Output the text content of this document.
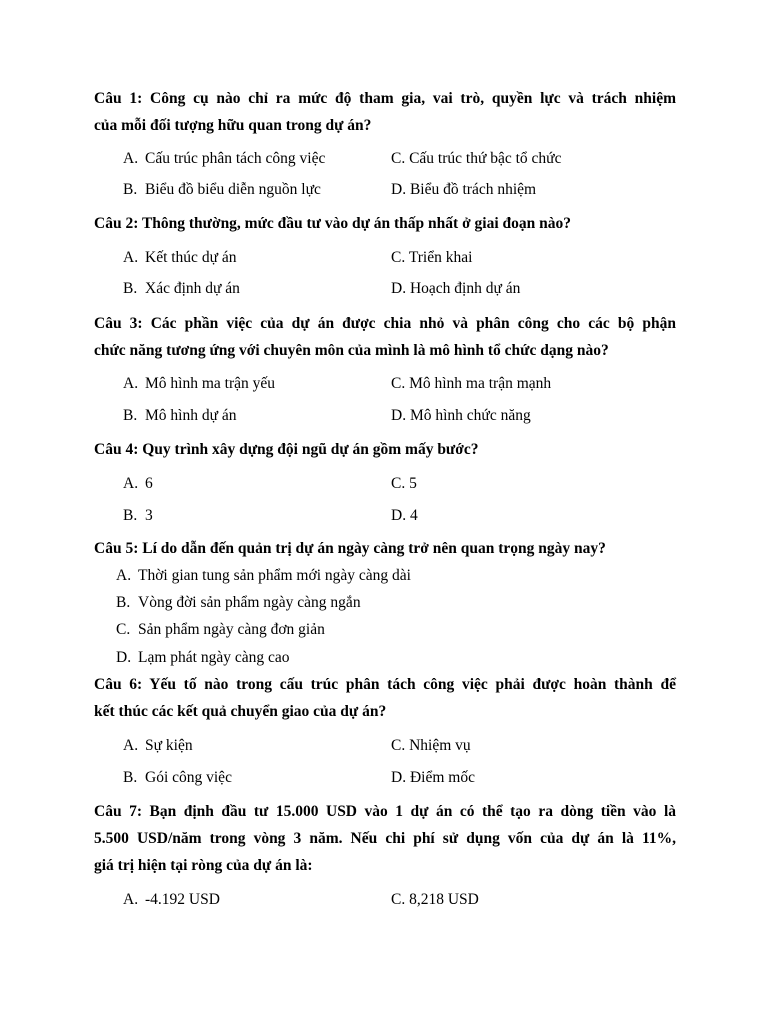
Câu 1: Công cụ nào chỉ ra mức độ tham gia, vai trò, quyền lực và trách nhiệm
của mỗi đối tượng hữu quan trong dự án?
A. Cấu trúc phân tách công việc	C. Cấu trúc thứ bậc tổ chức
B. Biểu đồ biểu diễn nguồn lực	D. Biểu đồ trách nhiệm
Câu 2: Thông thường, mức đầu tư vào dự án thấp nhất ở giai đoạn nào?
A. Kết thúc dự án	C. Triển khai
B. Xác định dự án	D. Hoạch định dự án
Câu 3: Các phần việc của dự án được chia nhỏ và phân công cho các bộ phận
chức năng tương ứng với chuyên môn của mình là mô hình tổ chức dạng nào?
A. Mô hình ma trận yếu	C. Mô hình ma trận mạnh
B. Mô hình dự án	D. Mô hình chức năng
Câu 4: Quy trình xây dựng đội ngũ dự án gồm mấy bước?
A. 6	C. 5
B. 3	D. 4
Câu 5: Lí do dẫn đến quản trị dự án ngày càng trở nên quan trọng ngày nay?
A. Thời gian tung sản phẩm mới ngày càng dài
B. Vòng đời sản phẩm ngày càng ngắn
C. Sản phẩm ngày càng đơn giản
D. Lạm phát ngày càng cao
Câu 6: Yếu tố nào trong cấu trúc phân tách công việc phải được hoàn thành để
kết thúc các kết quả chuyển giao của dự án?
A. Sự kiện	C. Nhiệm vụ
B. Gói công việc	D. Điểm mốc
Câu 7: Bạn định đầu tư 15.000 USD vào 1 dự án có thể tạo ra dòng tiền vào là
5.500 USD/năm trong vòng 3 năm. Nếu chi phí sử dụng vốn của dự án là 11%,
giá trị hiện tại ròng của dự án là:
A. -4.192 USD	C. 8,218 USD
